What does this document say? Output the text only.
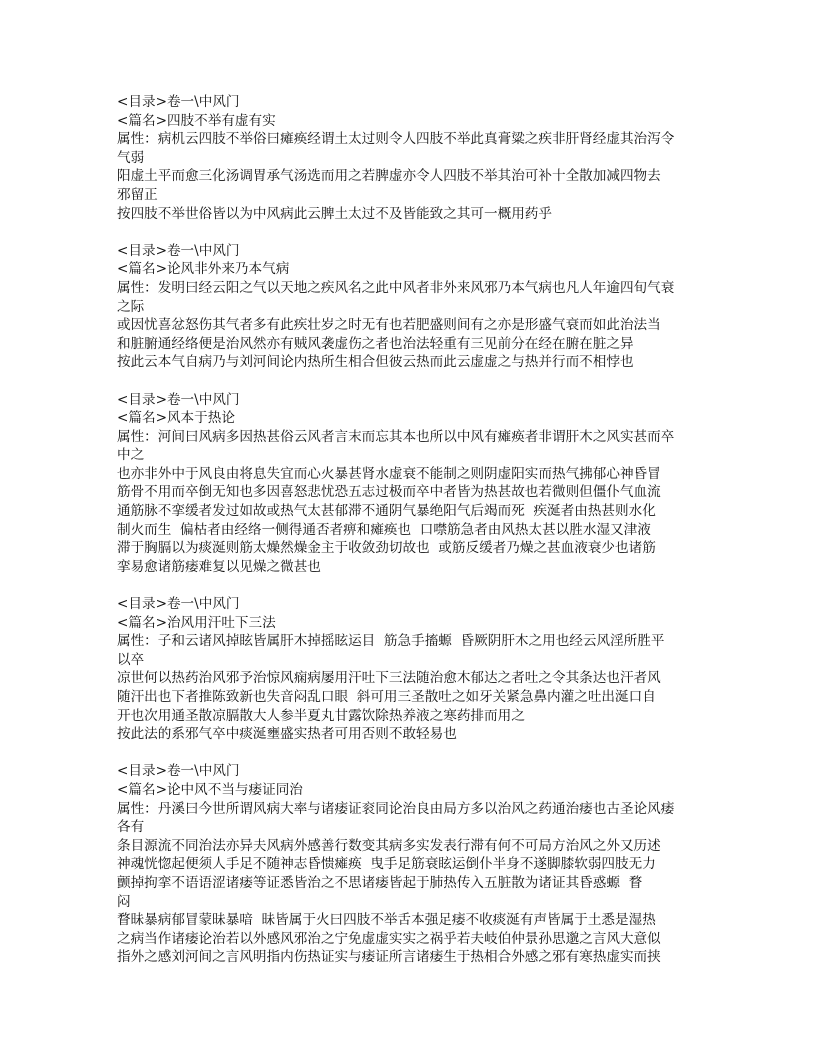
<目录>卷一\中风门
<篇名>四肢不举有虚有实
属性：病机云四肢不举俗曰瘫痪经谓土太过则令人四肢不举此真膏粱之疾非肝肾经虚其治泻令
气弱
阳虚土平而愈三化汤调胃承气汤选而用之若脾虚亦令人四肢不举其治可补十全散加减四物去
邪留正
按四肢不举世俗皆以为中风病此云脾土太过不及皆能致之其可一概用药乎
<目录>卷一\中风门
<篇名>论风非外来乃本气病
属性：发明曰经云阳之气以天地之疾风名之此中风者非外来风邪乃本气病也凡人年逾四旬气衰
之际
或因忧喜忿怒伤其气者多有此疾壮岁之时无有也若肥盛则间有之亦是形盛气衰而如此治法当
和脏腑通经络便是治风然亦有贼风袭虚伤之者也治法轻重有三见前分在经在腑在脏之异
按此云本气自病乃与刘河间论内热所生相合但彼云热而此云虚虚之与热并行而不相悖也
<目录>卷一\中风门
<篇名>风本于热论
属性：河间曰风病多因热甚俗云风者言末而忘其本也所以中风有瘫痪者非谓肝木之风实甚而卒
中之
也亦非外中于风良由将息失宜而心火暴甚肾水虚衰不能制之则阴虚阳实而热气拂郁心神昏冒
筋骨不用而卒倒无知也多因喜怒悲忧恐五志过极而卒中者皆为热甚故也若微则但僵仆气血流
通筋脉不挛缓者发过如故或热气太甚郁滞不通阴气暴绝阳气后竭而死  疾涎者由热甚则水化
制火而生  偏枯者由经络一侧得通否者痹和瘫痪也  口噤筋急者由风热太甚以胜水湿又津液
滞于胸膈以为痰涎则筋太燥然燥金主于收敛劲切故也  或筋反缓者乃燥之甚血液衰少也诸筋
挛易愈诸筋痿难复以见燥之微甚也
<目录>卷一\中风门
<篇名>治风用汗吐下三法
属性：子和云诸风掉眩皆属肝木掉摇眩运目  筋急手搐螈  昏厥阴肝木之用也经云风淫所胜平
以卒
凉世何以热药治风邪予治惊风痫病屡用汗吐下三法随治愈木郁达之者吐之令其条达也汗者风
随汗出也下者推陈致新也失音闷乱口眼  斜可用三圣散吐之如牙关紧急鼻内灌之吐出涎口自
开也次用通圣散凉膈散大人参半夏丸甘露饮除热养液之寒药排而用之
按此法的系邪气卒中痰涎壅盛实热者可用否则不敢轻易也
<目录>卷一\中风门
<篇名>论中风不当与痿证同治
属性：丹溪曰今世所谓风病大率与诸痿证衮同论治良由局方多以治风之药通治痿也古圣论风痿
各有
条目源流不同治法亦异夫风病外感善行数变其病多实发表行滞有何不可局方治风之外又历述
神魂恍惚起便须人手足不随神志昏愦瘫痪  曳手足筋衰眩运倒仆半身不遂脚膝软弱四肢无力
颤掉拘挛不语语涩诸痿等证悉皆治之不思诸痿皆起于肺热传入五脏散为诸证其昏惑螈  瞀
闷
瞀昧暴病郁冒蒙昧暴喑  昧皆属于火曰四肢不举舌本强足痿不收痰涎有声皆属于土悉是湿热
之病当作诸痿论治若以外感风邪治之宁免虚虚实实之祸乎若夫岐伯仲景孙思邈之言风大意似
指外之感刘河间之言风明指内伤热证实与痿证所言诸痿生于热相合外感之邪有寒热虚实而挟
